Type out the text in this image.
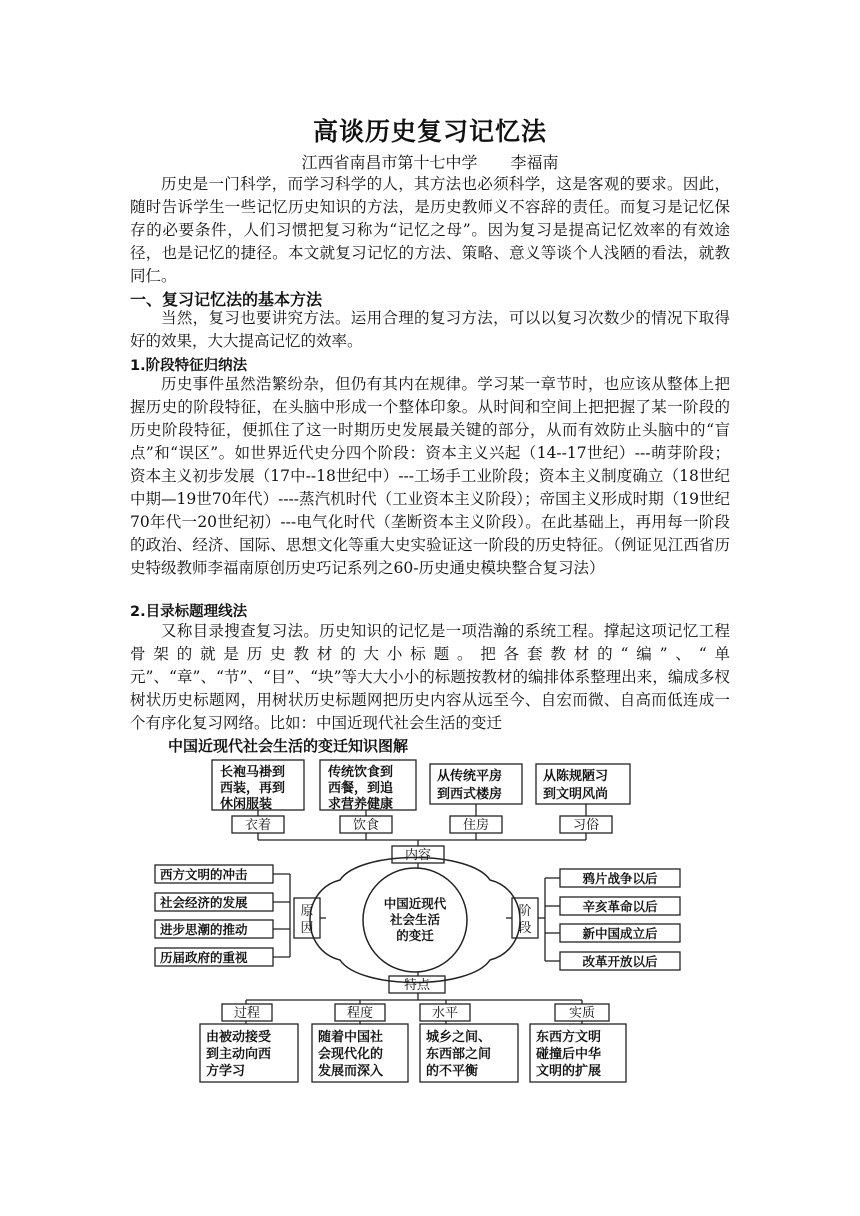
高谈历史复习记忆法
江西省南昌市第十七中学 李福南

历史是一门科学，而学习科学的人，其方法也必须科学，这是客观的要求。因此，随时告诉学生一些记忆历史知识的方法，是历史教师义不容辞的责任。而复习是记忆保存的必要条件，人们习惯把复习称为“记忆之母”。因为复习是提高记忆效率的有效途径，也是记忆的捷径。本文就复习记忆的方法、策略、意义等谈个人浅陋的看法，就教同仁。

一、复习记忆法的基本方法

当然，复习也要讲究方法。运用合理的复习方法，可以以复习次数少的情况下取得好的效果，大大提高记忆的效率。

1.阶段特征归纳法

历史事件虽然浩繁纷杂，但仍有其内在规律。学习某一章节时，也应该从整体上把握历史的阶段特征，在头脑中形成一个整体印象。从时间和空间上把把握了某一阶段的历史阶段特征，便抓住了这一时期历史发展最关键的部分，从而有效防止头脑中的“盲点”和“误区”。如世界近代史分四个阶段：资本主义兴起（14--17世纪）---萌芽阶段；资本主义初步发展（17中--18世纪中）---工场手工业阶段；资本主义制度确立（18世纪中期—19世70年代）----蒸汽机时代（工业资本主义阶段）；帝国主义形成时期（19世纪70年代一20世纪初）---电气化时代（垄断资本主义阶段）。在此基础上，再用每一阶段的政治、经济、国际、思想文化等重大史实验证这一阶段的历史特征。（例证见江西省历史特级教师李福南原创历史巧记系列之60-历史通史模块整合复习法）

2.目录标题理线法

又称目录搜查复习法。历史知识的记忆是一项浩瀚的系统工程。撑起这项记忆工程骨架的就是历史教材的大小标题。把各套教材的“编”、“单元”、“章”、“节”、“目”、“块”等大大小小的标题按教材的编排体系整理出来，编成多杈树状历史标题网，用树状历史标题网把历史内容从远至今、自宏而微、自高而低连成一个有序化复习网络。比如：中国近现代社会生活的变迁

中国近现代社会生活的变迁知识图解
长袍马褂到
西装，再到
休闲服装
传统饮食到
西餐，到追
求营养健康
从传统平房
到西式楼房
从陈规陋习
到文明风尚
衣着	饮食	住房	习俗
内容
中国近现代
社会生活
的变迁
西方文明的冲击
社会经济的发展
进步思潮的推动
历届政府的重视
原
因
阶
段
鸦片战争以后
辛亥革命以后
新中国成立后
改革开放以后
特点
过程	程度	水平	实质
由被动接受
到主动向西
方学习
随着中国社
会现代化的
发展而深入
城乡之间、
东西部之间
的不平衡
东西方文明
碰撞后中华
文明的扩展
